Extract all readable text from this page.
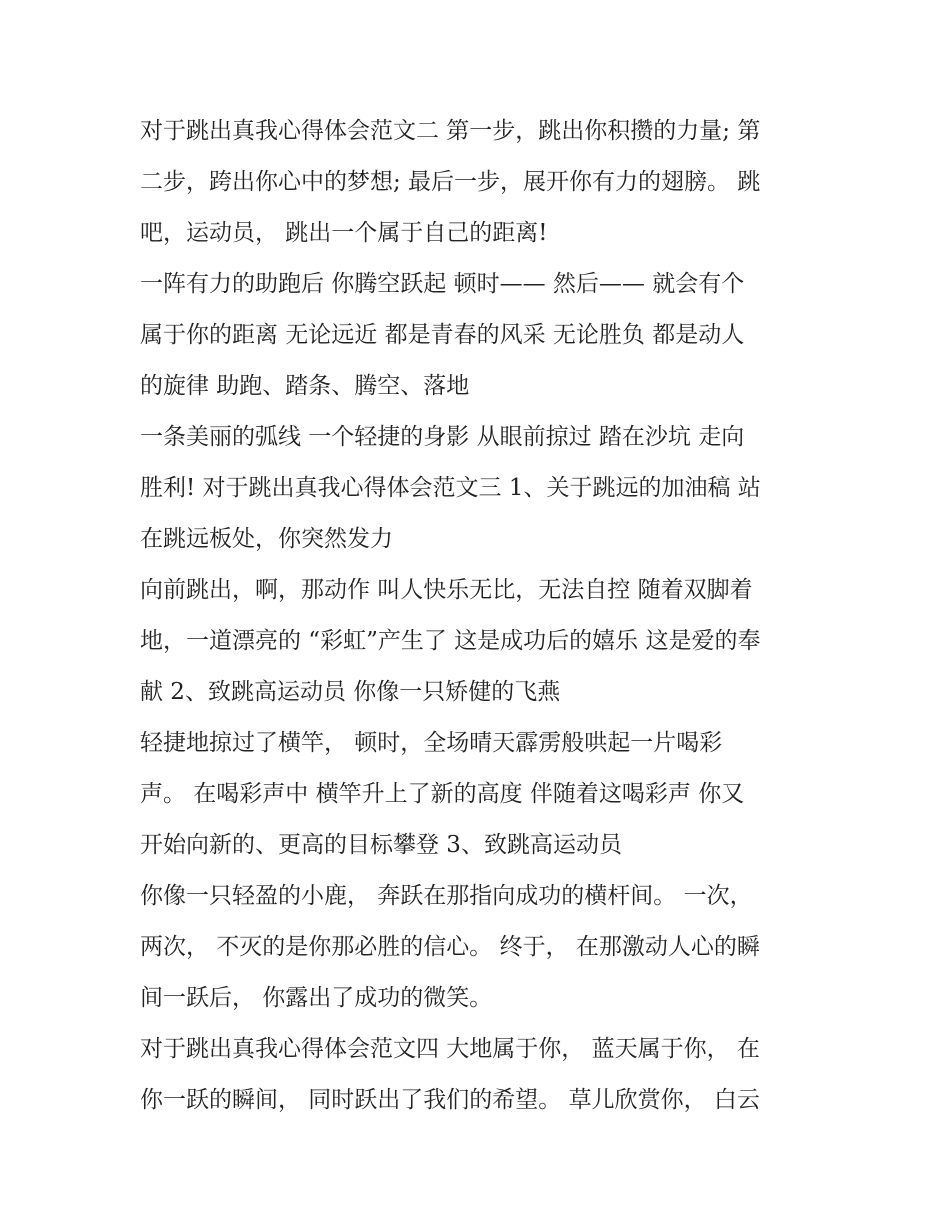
对于跳出真我心得体会范文二 第一步，跳出你积攒的力量; 第
二步，跨出你心中的梦想; 最后一步，展开你有力的翅膀。 跳
吧，运动员， 跳出一个属于自己的距离!
一阵有力的助跑后 你腾空跃起 顿时—— 然后—— 就会有个
属于你的距离 无论远近 都是青春的风采 无论胜负 都是动人
的旋律 助跑、踏条、腾空、落地
一条美丽的弧线 一个轻捷的身影 从眼前掠过 踏在沙坑 走向
胜利! 对于跳出真我心得体会范文三 1、关于跳远的加油稿 站
在跳远板处，你突然发力
向前跳出，啊，那动作 叫人快乐无比，无法自控 随着双脚着
地，一道漂亮的 “彩虹”产生了 这是成功后的嬉乐 这是爱的奉
献 2、致跳高运动员 你像一只矫健的飞燕
轻捷地掠过了横竿， 顿时，全场晴天霹雳般哄起一片喝彩
声。 在喝彩声中 横竿升上了新的高度 伴随着这喝彩声 你又
开始向新的、更高的目标攀登 3、致跳高运动员
你像一只轻盈的小鹿， 奔跃在那指向成功的横杆间。 一次，
两次， 不灭的是你那必胜的信心。 终于， 在那激动人心的瞬
间一跃后， 你露出了成功的微笑。
对于跳出真我心得体会范文四 大地属于你， 蓝天属于你， 在
你一跃的瞬间， 同时跃出了我们的希望。 草儿欣赏你， 白云
